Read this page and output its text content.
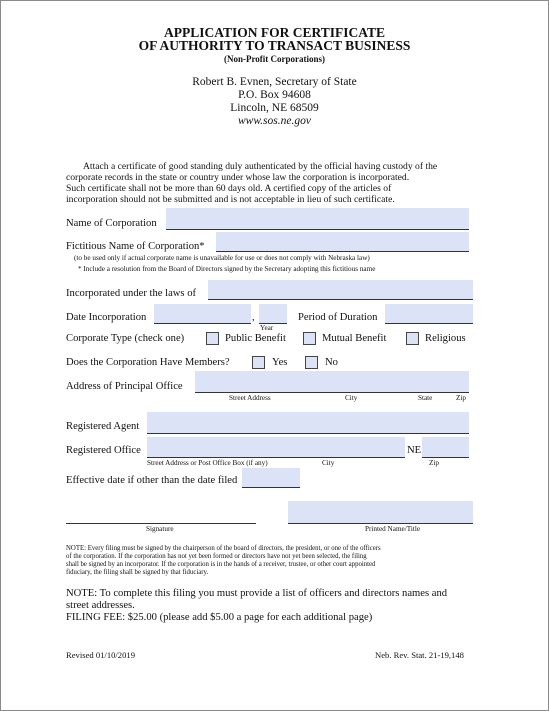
APPLICATION FOR CERTIFICATE
OF AUTHORITY TO TRANSACT BUSINESS
(Non-Profit Corporations)
Robert B. Evnen, Secretary of State
P.O. Box 94608
Lincoln, NE 68509
www.sos.ne.gov
Attach a certificate of good standing duly authenticated by the official having custody of the
corporate records in the state or country under whose law the corporation is incorporated.
Such certificate shall not be more than 60 days old. A certified copy of the articles of
incorporation should not be submitted and is not acceptable in lieu of such certificate.
Name of Corporation
Fictitious Name of Corporation*
(to be used only if actual corporate name is unavailable for use or does not comply with Nebraska law)
* Include a resolution from the Board of Directors signed by the Secretary adopting this fictitious name
Incorporated under the laws of
Date Incorporation	,
Year
Period of Duration
Corporate Type (check one)	Public Benefit	Mutual Benefit	Religious
Does the Corporation Have Members?	Yes	No
Address of Principal Office
Street Address	City	State	Zip
Registered Agent
Registered Office	NE
Street Address or Post Office Box (if any)	City	Zip
Effective date if other than the date filed
Signature	Printed Name/Title
NOTE: Every filing must be signed by the chairperson of the board of directors, the president, or one of the officers
of the corporation. If the corporation has not yet been formed or directors have not yet been selected, the filing
shall be signed by an incorporator. If the corporation is in the hands of a receiver, trustee, or other court appointed
fiduciary, the filing shall be signed by that fiduciary.
NOTE: To complete this filing you must provide a list of officers and directors names and
street addresses.
FILING FEE: $25.00 (please add $5.00 a page for each additional page)
Revised 01/10/2019	Neb. Rev. Stat. 21-19,148
